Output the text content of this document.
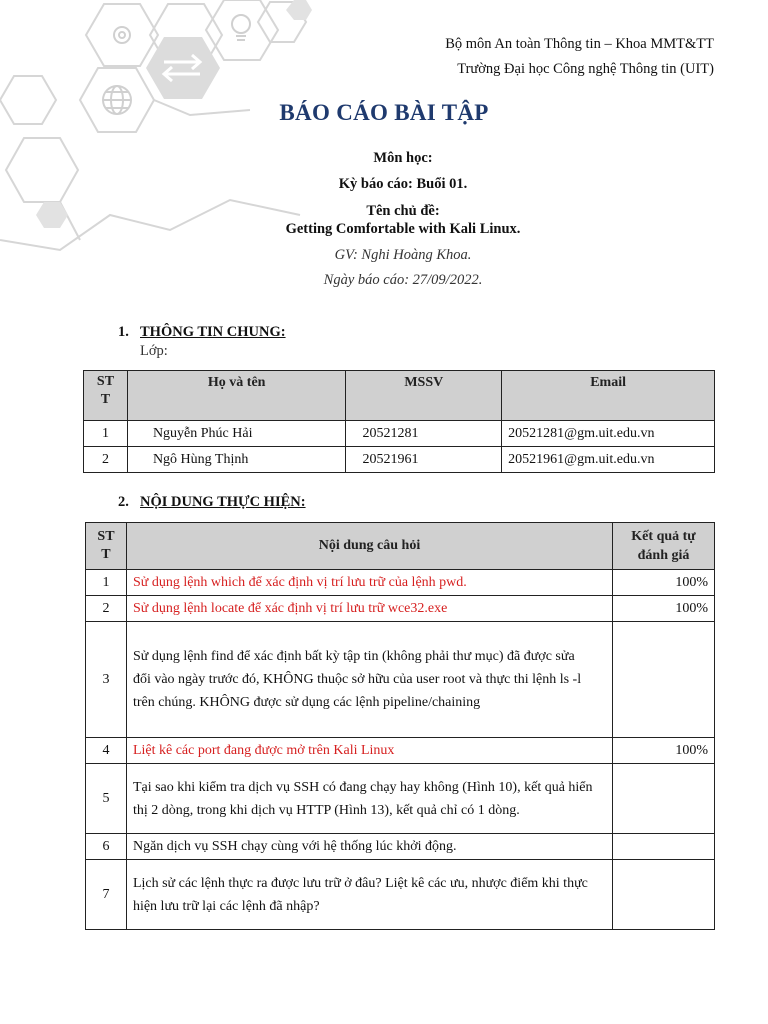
Bộ môn An toàn Thông tin – Khoa MMT&TT
Trường Đại học Công nghệ Thông tin (UIT)
BÁO CÁO BÀI TẬP
Môn học:
Kỳ báo cáo: Buổi 01.
Tên chủ đề:
Getting Comfortable with Kali Linux.
GV: Nghi Hoàng Khoa.
Ngày báo cáo: 27/09/2022.
1. THÔNG TIN CHUNG:
Lớp:
ST T	Họ và tên	MSSV	Email
1	Nguyễn Phúc Hải	20521281	20521281@gm.uit.edu.vn
2	Ngô Hùng Thịnh	20521961	20521961@gm.uit.edu.vn
2. NỘI DUNG THỰC HIỆN:
ST T	Nội dung câu hỏi	Kết quả tự đánh giá
1	Sử dụng lệnh which để xác định vị trí lưu trữ của lệnh pwd.	100%
2	Sử dụng lệnh locate để xác định vị trí lưu trữ wce32.exe	100%
3	Sử dụng lệnh find để xác định bất kỳ tập tin (không phải thư mục) đã được sửa

đổi vào ngày trước đó, KHÔNG thuộc sở hữu của user root và thực thi lệnh ls -l

trên chúng. KHÔNG được sử dụng các lệnh pipeline/chaining	

4	Liệt kê các port đang được mở trên Kali Linux	100%
5	Tại sao khi kiểm tra dịch vụ SSH có đang chạy hay không (Hình 10), kết quả hiển

thị 2 dòng, trong khi dịch vụ HTTP (Hình 13), kết quả chỉ có 1 dòng.	

6	Ngăn dịch vụ SSH chạy cùng với hệ thống lúc khởi động.	

7	Lịch sử các lệnh thực ra được lưu trữ ở đâu? Liệt kê các ưu, nhược điểm khi thực

hiện lưu trữ lại các lệnh đã nhập?	
